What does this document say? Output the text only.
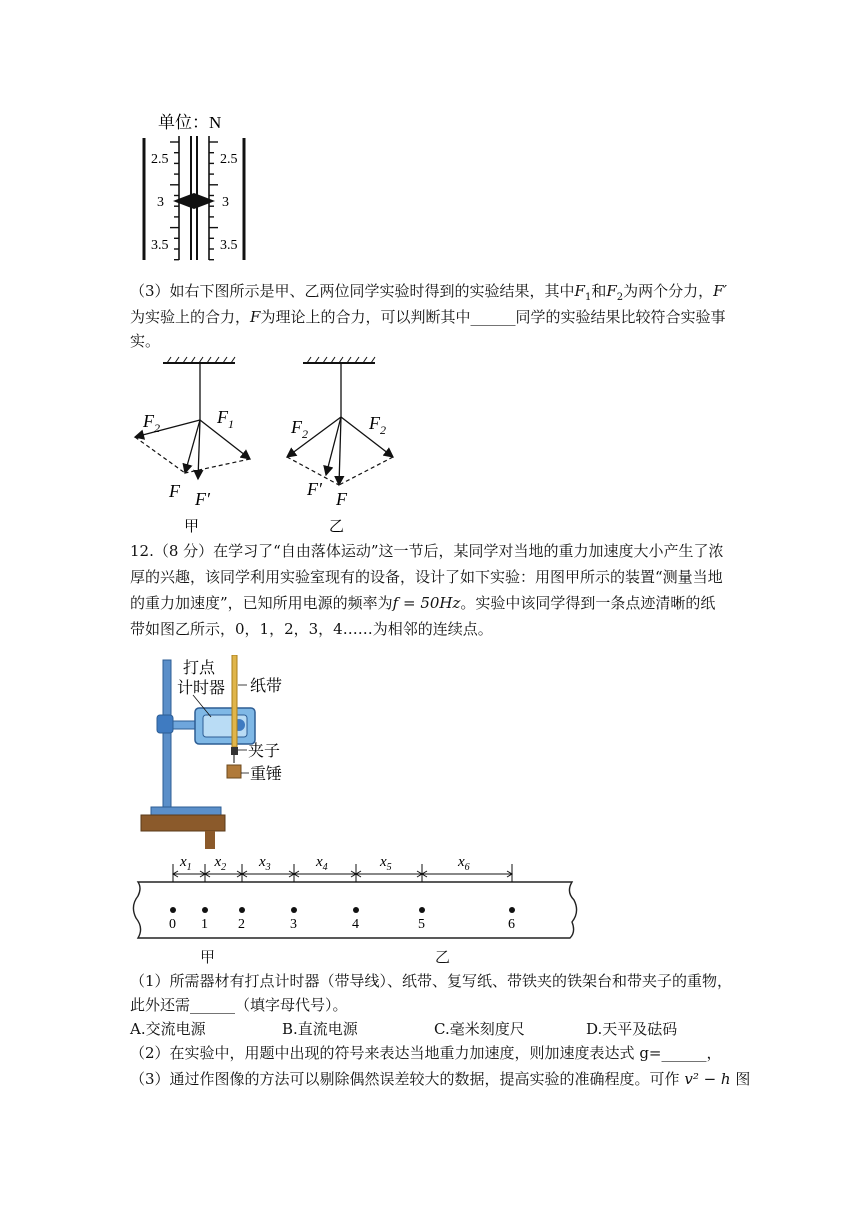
单位：N
2.5	2.5
3	3
3.5	3.5
（3）如右下图所示是甲、乙两位同学实验时得到的实验结果，其中$F_1$和$F_2$为两个分力，F′
为实验上的合力，F为理论上的合力，可以判断其中______同学的实验结果比较符合实验事
实。
$F_2$
$F_1$
F F′
甲
$F_2$
$F_2$
F′ F
乙
12.（8 分）在学习了“自由落体运动”这一节后，某同学对当地的重力加速度大小产生了浓
厚的兴趣，该同学利用实验室现有的设备，设计了如下实验：用图甲所示的装置“测量当地
的重力加速度”，已知所用电源的频率为f = 50Hz。实验中该同学得到一条点迹清晰的纸
带如图乙所示，0，1，2，3，4……为相邻的连续点。
打点
计时器 纸带
夹子
重锤
0 1 2	3	4	5	6
$x_1$ $x_2$ $x_3$	$x_4$	$x_5$	$x_6$
甲	乙
（1）所需器材有打点计时器（带导线）、纸带、复写纸、带铁夹的铁架台和带夹子的重物，
此外还需______（填字母代号）。
A.交流电源	B.直流电源	C.毫米刻度尺	D.天平及砝码
（2）在实验中，用题中出现的符号来表达当地重力加速度，则加速度表达式 g=______，
（3）通过作图像的方法可以剔除偶然误差较大的数据，提高实验的准确程度。可作 v² − h 图
